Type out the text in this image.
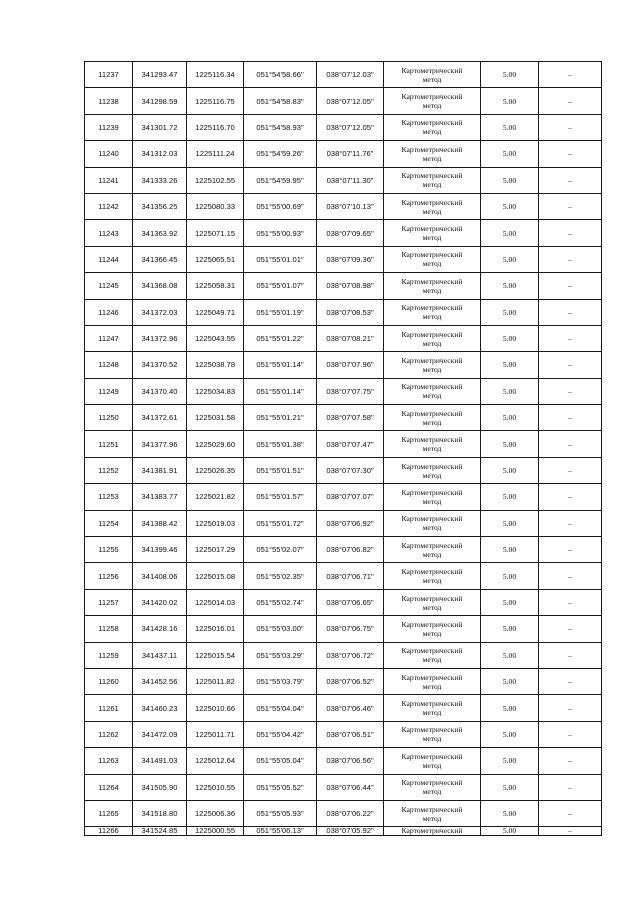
11237	341293.47	1225116.34	051°54'58.66"	038°07'12.03"	Картометрический
метод	5.00	–
11238	341298.59	1225116.75	051°54'58.83"	038°07'12.05"	Картометрический
метод	5.00	–
11239	341301.72	1225116.70	051°54'58.93"	038°07'12.05"	Картометрический
метод	5.00	–
11240	341312.03	1225111.24	051°54'59.26"	038°07'11.76"	Картометрический
метод	5.00	–
11241	341333.26	1225102.55	051°54'59.95"	038°07'11.30"	Картометрический
метод	5.00	–
11242	341356.25	1225080.33	051°55'00.69"	038°07'10.13"	Картометрический
метод	5.00	–
11243	341363.92	1225071.15	051°55'00.93"	038°07'09.65"	Картометрический
метод	5.00	–
11244	341366.45	1225065.51	051°55'01.01"	038°07'09.36"	Картометрический
метод	5.00	–
11245	341368.08	1225058.31	051°55'01.07"	038°07'08.98"	Картометрический
метод	5.00	–
11246	341372.03	1225049.71	051°55'01.19"	038°07'08.53"	Картометрический
метод	5.00	–
11247	341372.96	1225043.55	051°55'01.22"	038°07'08.21"	Картометрический
метод	5.00	–
11248	341370.52	1225038.78	051°55'01.14"	038°07'07.96"	Картометрический
метод	5.00	–
11249	341370.40	1225034.83	051°55'01.14"	038°07'07.75"	Картометрический
метод	5.00	–
11250	341372.61	1225031.58	051°55'01.21"	038°07'07.58"	Картометрический
метод	5.00	–
11251	341377.96	1225029.60	051°55'01.38"	038°07'07.47"	Картометрический
метод	5.00	–
11252	341381.91	1225026.35	051°55'01.51"	038°07'07.30"	Картометрический
метод	5.00	–
11253	341383.77	1225021.82	051°55'01.57"	038°07'07.07"	Картометрический
метод	5.00	–
11254	341388.42	1225019.03	051°55'01.72"	038°07'06.92"	Картометрический
метод	5.00	–
11255	341399.46	1225017.29	051°55'02.07"	038°07'06.82"	Картометрический
метод	5.00	–
11256	341408.06	1225015.08	051°55'02.35"	038°07'06.71"	Картометрический
метод	5.00	–
11257	341420.02	1225014.03	051°55'02.74"	038°07'06.65"	Картометрический
метод	5.00	–
11258	341428.16	1225016.01	051°55'03.00"	038°07'06.75"	Картометрический
метод	5.00	–
11259	341437.11	1225015.54	051°55'03.29"	038°07'06.72"	Картометрический
метод	5.00	–
11260	341452.56	1225011.82	051°55'03.79"	038°07'06.52"	Картометрический
метод	5.00	–
11261	341460.23	1225010.66	051°55'04.04"	038°07'06.46"	Картометрический
метод	5.00	–
11262	341472.09	1225011.71	051°55'04.42"	038°07'06.51"	Картометрический
метод	5.00	–
11263	341491.03	1225012.64	051°55'05.04"	038°07'06.56"	Картометрический
метод	5.00	–
11264	341505.90	1225010.55	051°55'05.52"	038°07'06.44"	Картометрический
метод	5.00	–
11265	341518.80	1225006.36	051°55'05.93"	038°07'06.22"	Картометрический
метод	5.00	–
11266	341524.85	1225000.55	051°55'06.13"	038°07'05.92"	Картометрический	5.00	–
